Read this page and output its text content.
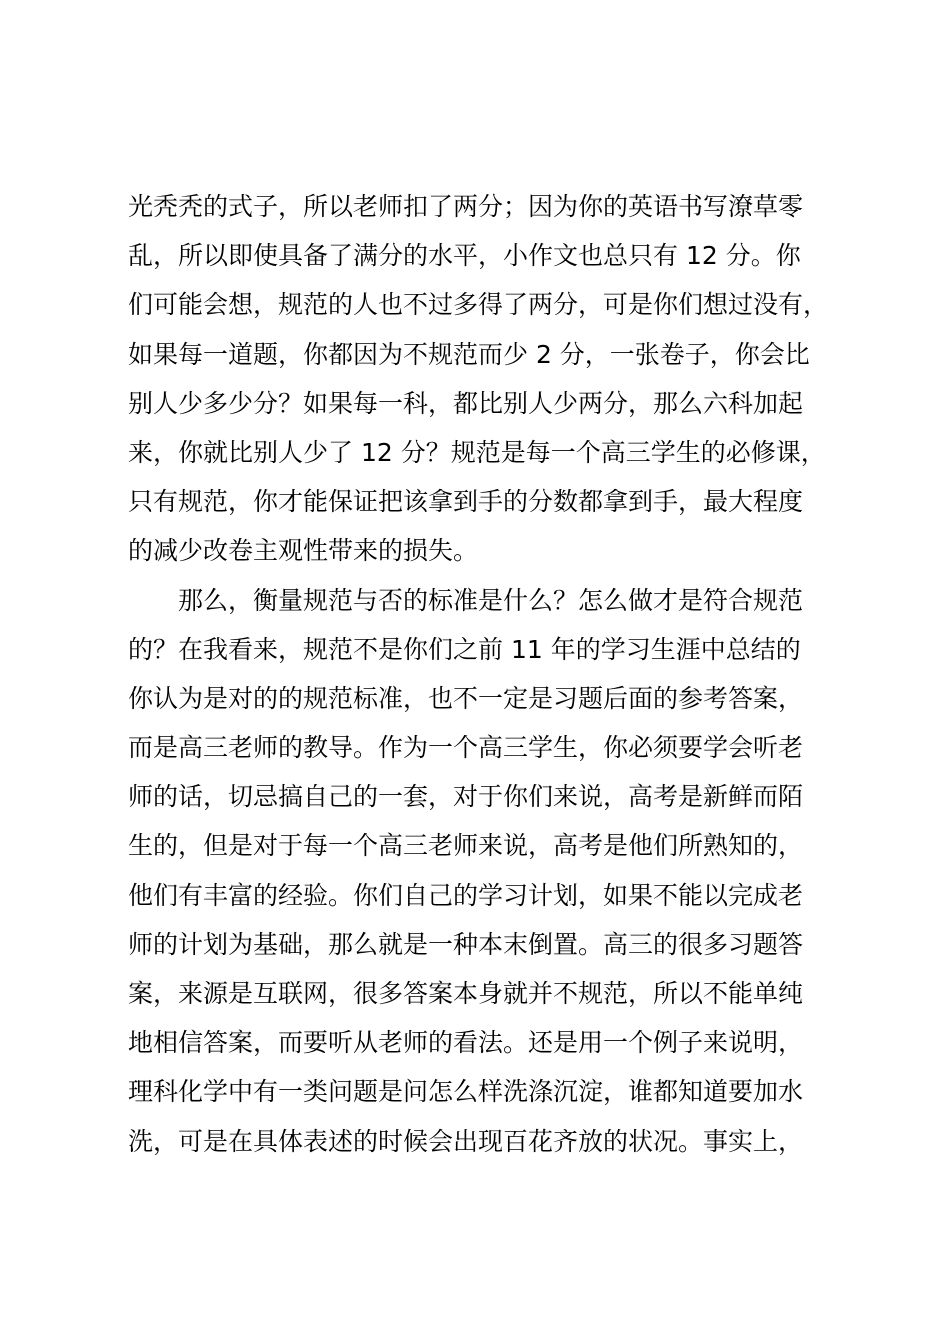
光秃秃的式子，所以老师扣了两分；因为你的英语书写潦草零
乱，所以即使具备了满分的水平，小作文也总只有 12 分。你
们可能会想，规范的人也不过多得了两分，可是你们想过没有，
如果每一道题，你都因为不规范而少 2 分，一张卷子，你会比
别人少多少分？如果每一科，都比别人少两分，那么六科加起
来，你就比别人少了 12 分？规范是每一个高三学生的必修课，
只有规范，你才能保证把该拿到手的分数都拿到手，最大程度
的减少改卷主观性带来的损失。
那么，衡量规范与否的标准是什么？怎么做才是符合规范
的？在我看来，规范不是你们之前 11 年的学习生涯中总结的
你认为是对的的规范标准，也不一定是习题后面的参考答案，
而是高三老师的教导。作为一个高三学生，你必须要学会听老
师的话，切忌搞自己的一套，对于你们来说，高考是新鲜而陌
生的，但是对于每一个高三老师来说，高考是他们所熟知的，
他们有丰富的经验。你们自己的学习计划，如果不能以完成老
师的计划为基础，那么就是一种本末倒置。高三的很多习题答
案，来源是互联网，很多答案本身就并不规范，所以不能单纯
地相信答案，而要听从老师的看法。还是用一个例子来说明，
理科化学中有一类问题是问怎么样洗涤沉淀，谁都知道要加水
洗，可是在具体表述的时候会出现百花齐放的状况。事实上，
